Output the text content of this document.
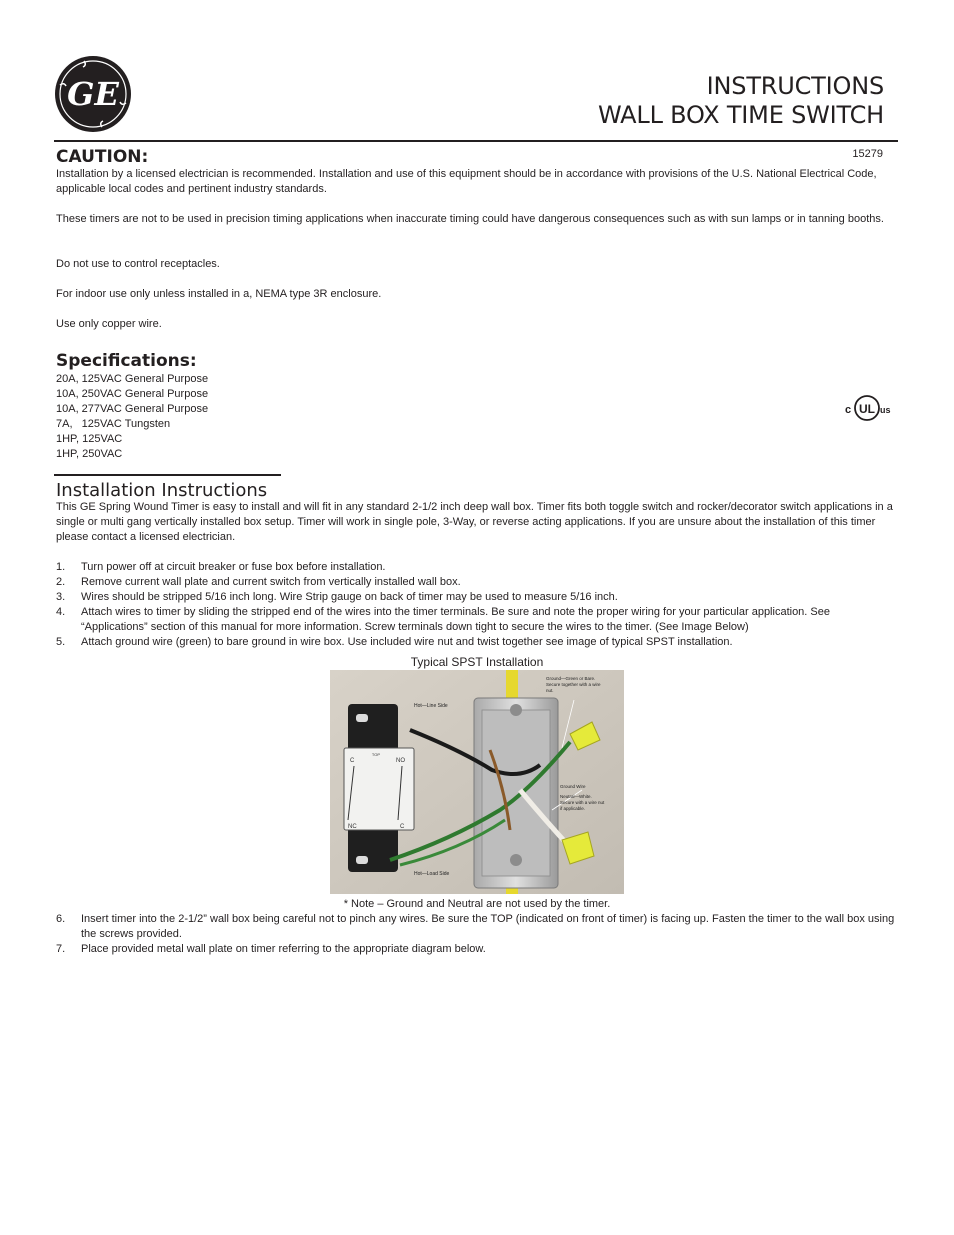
GE	INSTRUCTIONS
WALL BOX TIME SWITCH
15279
CAUTION:

Installation by a licensed electrician is recommended. Installation and use of this equipment should be in accordance with provisions of the U.S. National Electrical Code, applicable local codes and pertinent industry standards.

These timers are not to be used in precision timing applications when inaccurate timing could have dangerous consequences such as with sun lamps or in tanning booths.

Do not use to control receptacles.

For indoor use only unless installed in a, NEMA type 3R enclosure.

Use only copper wire.

Specifications:
20A, 125VAC General Purpose
10A, 250VAC General Purpose
10A, 277VAC General Purpose
7A,   125VAC Tungsten
1HP, 125VAC
1HP, 250VAC
c UL us
Installation Instructions

This GE Spring Wound Timer is easy to install and will fit in any standard 2-1/2 inch deep wall box. Timer fits both toggle switch and rocker/decorator switch applications in a single or multi gang vertically installed box setup. Timer will work in single pole, 3-Way, or reverse acting applications. If you are unsure about the installation of this timer please contact a licensed electrician.

1. Turn power off at circuit breaker or fuse box before installation.
2. Remove current wall plate and current switch from vertically installed wall box.
3. Wires should be stripped 5/16 inch long. Wire Strip gauge on back of timer may be used to measure 5/16 inch.
4. Attach wires to timer by sliding the stripped end of the wires into the timer terminals. Be sure and note the proper wiring for your particular application. See “Applications” section of this manual for more information. Screw terminals down tight to secure the wires to the timer. (See Image Below)
5. Attach ground wire (green) to bare ground in wire box. Use included wire nut and twist together see image of typical SPST installation.
Typical SPST Installation
TOP
C	NO
NC	C
Hot—Line Side
Hot—Load Side
Ground—Green or Bare.
Secure together with a wire
nut.
Ground Wire
Neutral—White.
Secure with a wire nut
if applicable.
* Note – Ground and Neutral are not used by the timer.
6. Insert timer into the 2-1/2” wall box being careful not to pinch any wires. Be sure the TOP (indicated on front of timer) is facing up. Fasten the timer to the wall box using the screws provided.
7. Place provided metal wall plate on timer referring to the appropriate diagram below.
